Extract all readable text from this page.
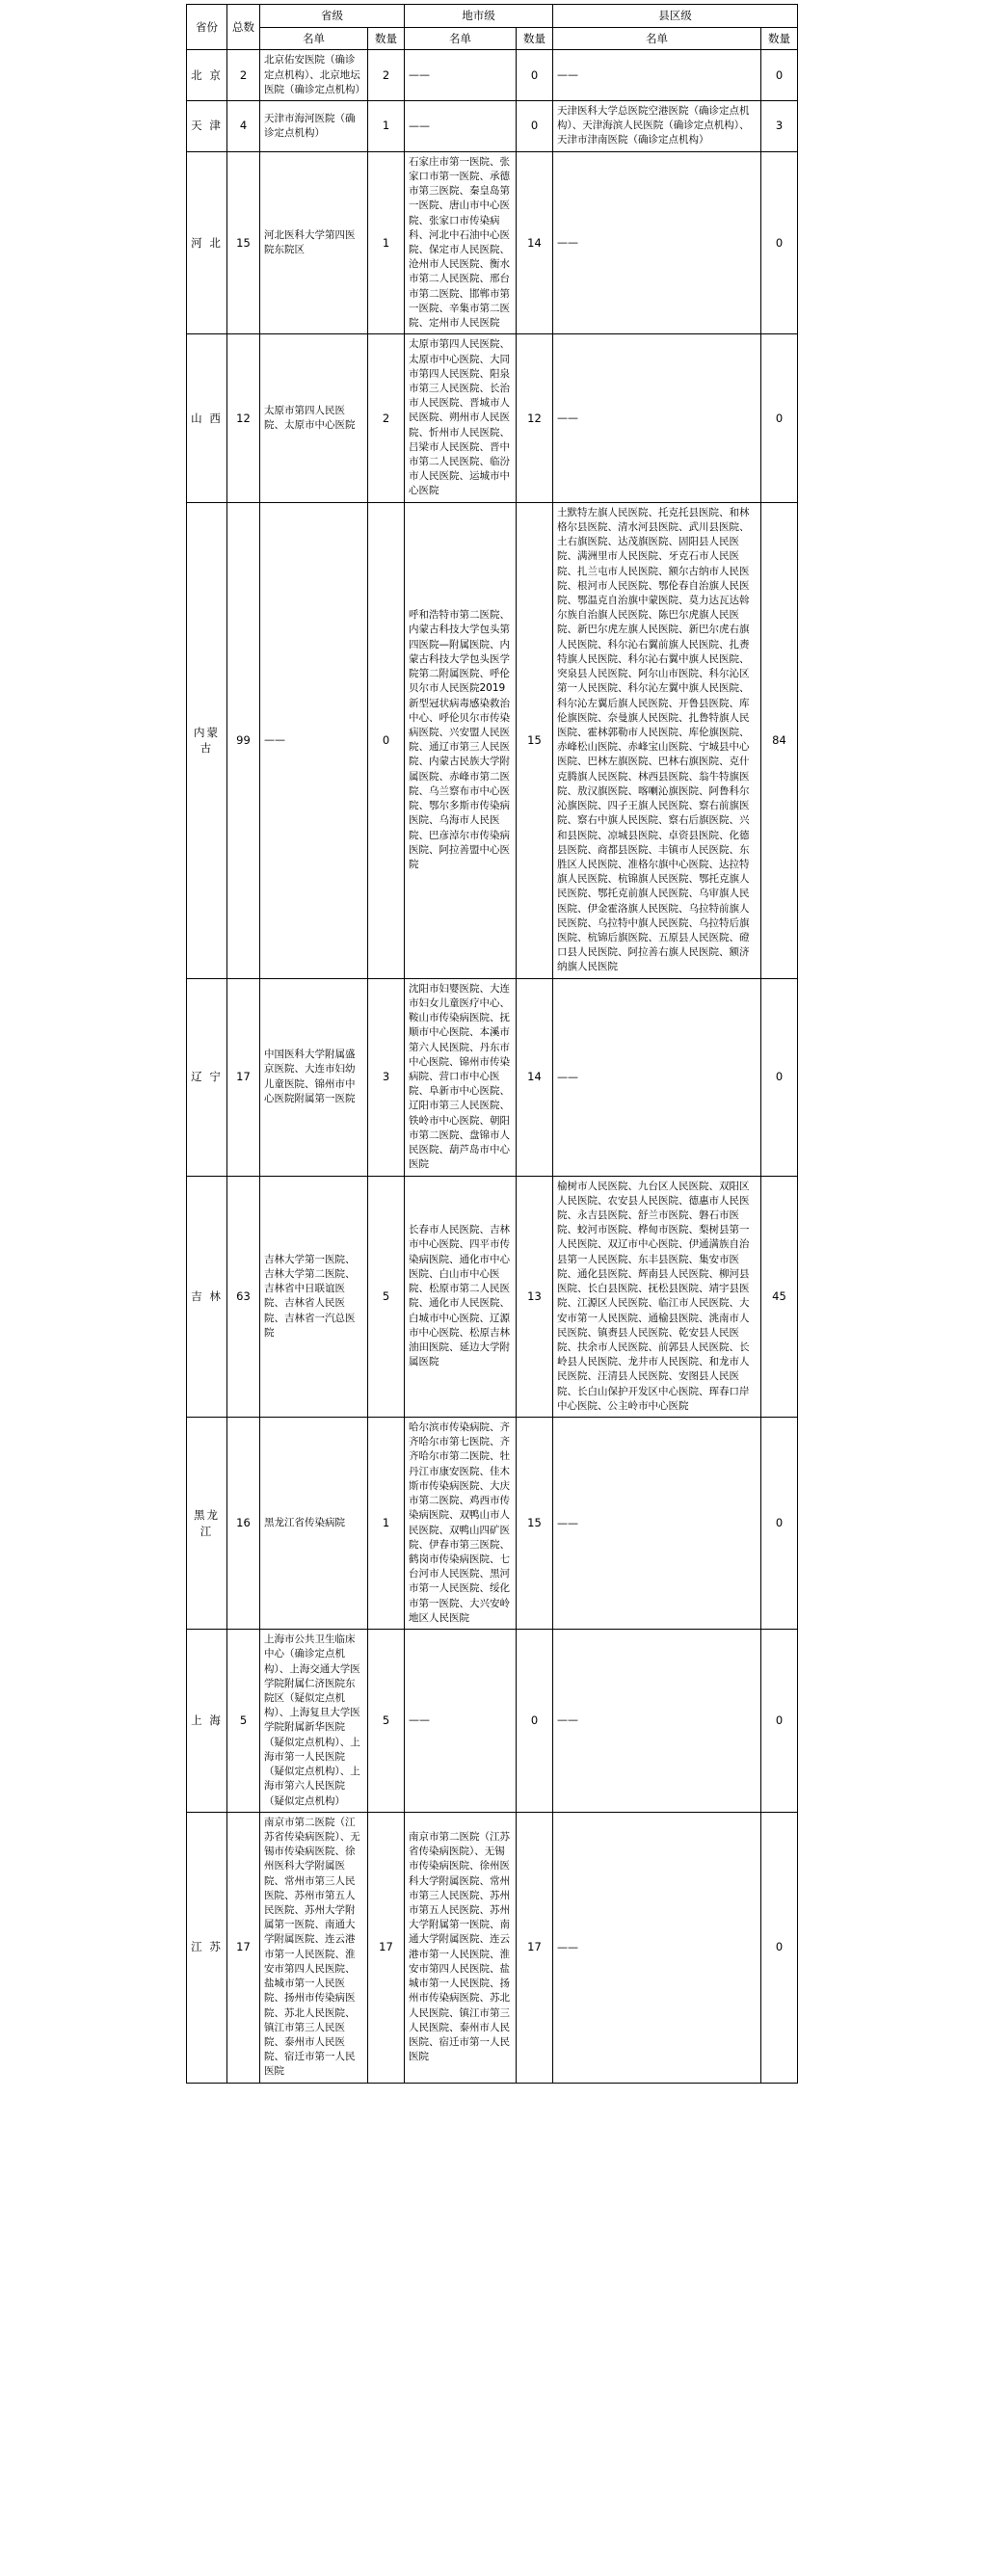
省份	总数	省级		地市级		县区级	
		名单	数量	名单	数量	名单	数量
北 京	2	北京佑安医院（确诊定点机构）、北京地坛医院（确诊定点机构）	2	——	0	——	0
天 津	4	天津市海河医院（确诊定点机构）	1	——	0	天津医科大学总医院空港医院（确诊定点机构）、天津海滨人民医院（确诊定点机构）、天津市津南医院（确诊定点机构）	3
河 北	15	河北医科大学第四医院东院区	1	石家庄市第一医院、张家口市第一医院、承德市第三医院、秦皇岛第一医院、唐山市中心医院、张家口市传染病科、河北中石油中心医院、保定市人民医院、沧州市人民医院、衡水市第二人民医院、邢台市第二医院、邯郸市第一医院、辛集市第二医院、定州市人民医院	14	——	0
山 西	12	太原市第四人民医院、太原市中心医院	2	太原市第四人民医院、太原市中心医院、大同市第四人民医院、阳泉市第三人民医院、长治市人民医院、晋城市人民医院、朔州市人民医院、忻州市人民医院、吕梁市人民医院、晋中市第二人民医院、临汾市人民医院、运城市中心医院	12	——	0
内蒙古	99	——	0	呼和浩特市第二医院、内蒙古科技大学包头第四医院—附属医院、内蒙古科技大学包头医学院第二附属医院、呼伦贝尔市人民医院2019新型冠状病毒感染救治中心、呼伦贝尔市传染病医院、兴安盟人民医院、通辽市第三人民医院、内蒙古民族大学附属医院、赤峰市第二医院、乌兰察布市中心医院、鄂尔多斯市传染病医院、乌海市人民医院、巴彦淖尔市传染病医院、阿拉善盟中心医院	15	土默特左旗人民医院、托克托县医院、和林格尔县医院、清水河县医院、武川县医院、土右旗医院、达茂旗医院、固阳县人民医院、满洲里市人民医院、牙克石市人民医院、扎兰屯市人民医院、额尔古纳市人民医院、根河市人民医院、鄂伦春自治旗人民医院、鄂温克自治旗中蒙医院、莫力达瓦达斡尔族自治旗人民医院、陈巴尔虎旗人民医院、新巴尔虎左旗人民医院、新巴尔虎右旗人民医院、科尔沁右翼前旗人民医院、扎赉特旗人民医院、科尔沁右翼中旗人民医院、突泉县人民医院、阿尔山市医院、科尔沁区第一人民医院、科尔沁左翼中旗人民医院、科尔沁左翼后旗人民医院、开鲁县医院、库伦旗医院、奈曼旗人民医院、扎鲁特旗人民医院、霍林郭勒市人民医院、库伦旗医院、赤峰松山医院、赤峰宝山医院、宁城县中心医院、巴林左旗医院、巴林右旗医院、克什克腾旗人民医院、林西县医院、翁牛特旗医院、敖汉旗医院、喀喇沁旗医院、阿鲁科尔沁旗医院、四子王旗人民医院、察右前旗医院、察右中旗人民医院、察右后旗医院、兴和县医院、凉城县医院、卓资县医院、化德县医院、商都县医院、丰镇市人民医院、东胜区人民医院、准格尔旗中心医院、达拉特旗人民医院、杭锦旗人民医院、鄂托克旗人民医院、鄂托克前旗人民医院、乌审旗人民医院、伊金霍洛旗人民医院、乌拉特前旗人民医院、乌拉特中旗人民医院、乌拉特后旗医院、杭锦后旗医院、五原县人民医院、磴口县人民医院、阿拉善右旗人民医院、额济纳旗人民医院	84
辽 宁	17	中国医科大学附属盛京医院、大连市妇幼儿童医院、锦州市中心医院附属第一医院	3	沈阳市妇婴医院、大连市妇女儿童医疗中心、鞍山市传染病医院、抚顺市中心医院、本溪市第六人民医院、丹东市中心医院、锦州市传染病院、营口市中心医院、阜新市中心医院、辽阳市第三人民医院、铁岭市中心医院、朝阳市第二医院、盘锦市人民医院、葫芦岛市中心医院	14	——	0
吉 林	63	吉林大学第一医院、吉林大学第二医院、吉林省中日联谊医院、吉林省人民医院、吉林省一汽总医院	5	长春市人民医院、吉林市中心医院、四平市传染病医院、通化市中心医院、白山市中心医院、松原市第二人民医院、通化市人民医院、白城市中心医院、辽源市中心医院、松原吉林油田医院、延边大学附属医院	13	榆树市人民医院、九台区人民医院、双阳区人民医院、农安县人民医院、德惠市人民医院、永吉县医院、舒兰市医院、磐石市医院、蛟河市医院、桦甸市医院、梨树县第一人民医院、双辽市中心医院、伊通满族自治县第一人民医院、东丰县医院、集安市医院、通化县医院、辉南县人民医院、柳河县医院、长白县医院、抚松县医院、靖宇县医院、江源区人民医院、临江市人民医院、大安市第一人民医院、通榆县医院、洮南市人民医院、镇赉县人民医院、乾安县人民医院、扶余市人民医院、前郭县人民医院、长岭县人民医院、龙井市人民医院、和龙市人民医院、汪清县人民医院、安图县人民医院、长白山保护开发区中心医院、珲春口岸中心医院、公主岭市中心医院	45
黑龙江	16	黑龙江省传染病院	1	哈尔滨市传染病院、齐齐哈尔市第七医院、齐齐哈尔市第二医院、牡丹江市康安医院、佳木斯市传染病医院、大庆市第二医院、鸡西市传染病医院、双鸭山市人民医院、双鸭山四矿医院、伊春市第三医院、鹤岗市传染病医院、七台河市人民医院、黑河市第一人民医院、绥化市第一医院、大兴安岭地区人民医院	15	——	0
上 海	5	上海市公共卫生临床中心（确诊定点机构）、上海交通大学医学院附属仁济医院东院区（疑似定点机构）、上海复旦大学医学院附属新华医院（疑似定点机构）、上海市第一人民医院（疑似定点机构）、上海市第六人民医院（疑似定点机构）	5	——	0	——	0
江 苏	17	南京市第二医院（江苏省传染病医院）、无锡市传染病医院、徐州医科大学附属医院、常州市第三人民医院、苏州市第五人民医院、苏州大学附属第一医院、南通大学附属医院、连云港市第一人民医院、淮安市第四人民医院、盐城市第一人民医院、扬州市传染病医院、苏北人民医院、镇江市第三人民医院、泰州市人民医院、宿迁市第一人民医院	17	南京市第二医院（江苏省传染病医院）、无锡市传染病医院、徐州医科大学附属医院、常州市第三人民医院、苏州市第五人民医院、苏州大学附属第一医院、南通大学附属医院、连云港市第一人民医院、淮安市第四人民医院、盐城市第一人民医院、扬州市传染病医院、苏北人民医院、镇江市第三人民医院、泰州市人民医院、宿迁市第一人民医院	17	——	0
